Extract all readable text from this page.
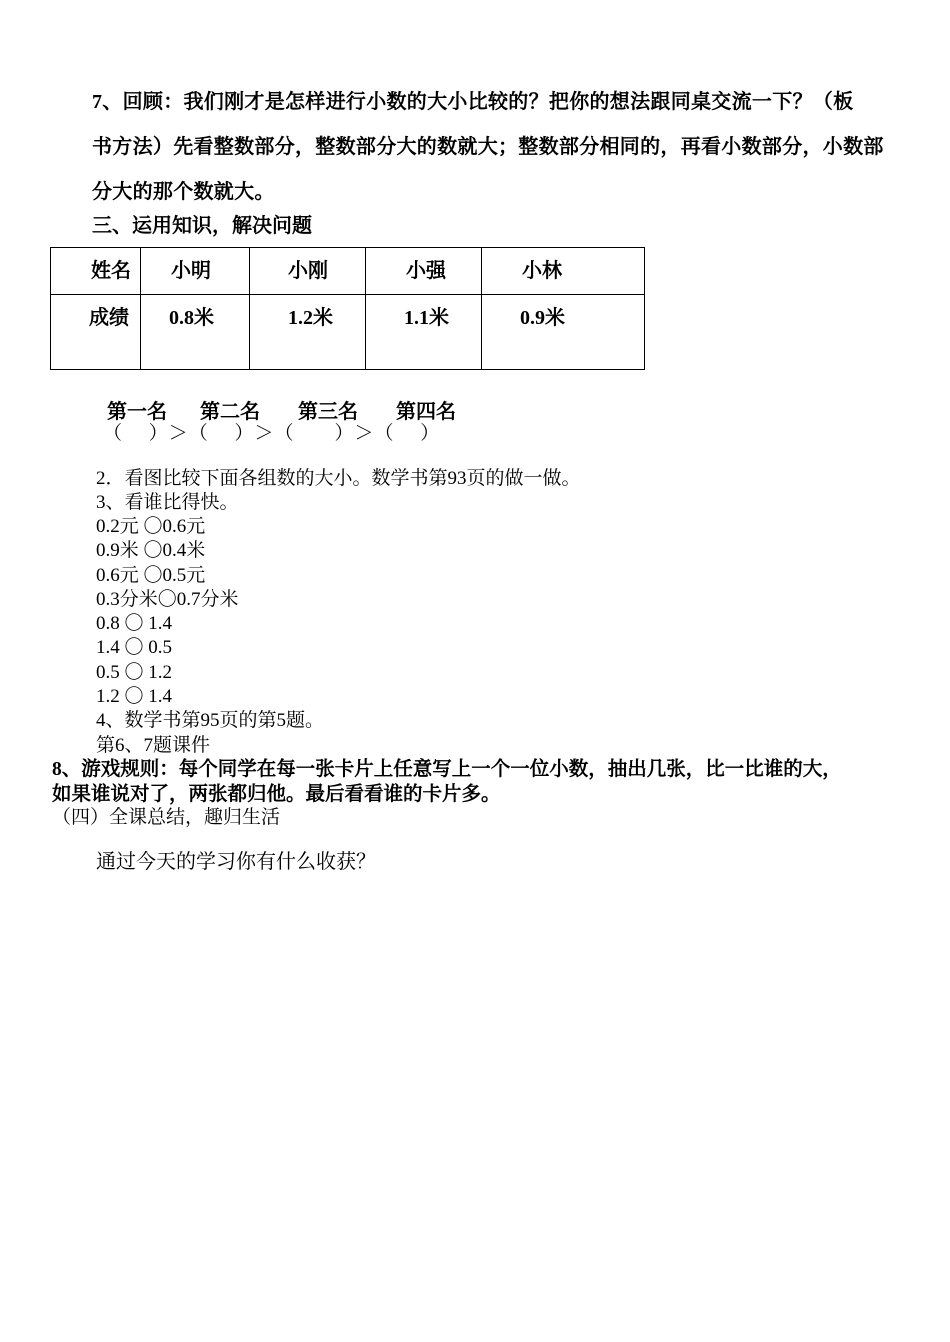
7、回顾：我们刚才是怎样进行小数的大小比较的？把你的想法跟同桌交流一下？（板
书方法）先看整数部分，整数部分大的数就大；整数部分相同的，再看小数部分，小数部
分大的那个数就大。
三、运用知识，解决问题
姓名	小明	小刚	小强	小林

成绩	0.8米	1.2米	1.1米	0.9米
第一名 第二名 第三名 第四名
（　 ）＞（　 ）＞（　　）＞（　 ）
2．看图比较下面各组数的大小。数学书第93页的做一做。
3、看谁比得快。
0.2元 〇0.6元
0.9米 〇0.4米
0.6元 〇0.5元
0.3分米〇0.7分米
0.8 〇 1.4
1.4 〇 0.5
0.5 〇 1.2
1.2 〇 1.4
4、数学书第95页的第5题。
第6、7题课件
8、游戏规则：每个同学在每一张卡片上任意写上一个一位小数，抽出几张，比一比谁的大，
如果谁说对了，两张都归他。最后看看谁的卡片多。
（四）全课总结，趣归生活
通过今天的学习你有什么收获？
